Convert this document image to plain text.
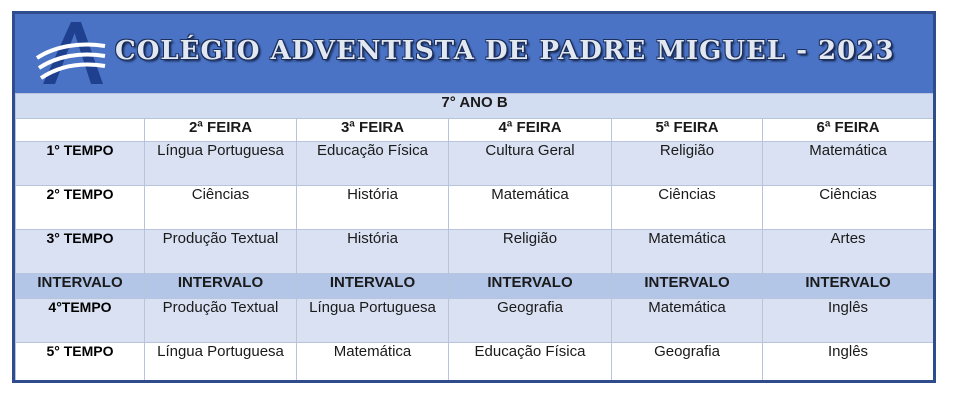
COLÉGIO ADVENTISTA DE PADRE MIGUEL - 2023
7° ANO B					
	2ª FEIRA	3ª FEIRA	4ª FEIRA	5ª FEIRA	6ª FEIRA
1° TEMPO	Língua Portuguesa	Educação Física	Cultura Geral	Religião	Matemática
2° TEMPO	Ciências	História	Matemática	Ciências	Ciências
3° TEMPO	Produção Textual	História	Religião	Matemática	Artes
INTERVALO	INTERVALO	INTERVALO	INTERVALO	INTERVALO	INTERVALO
4°TEMPO	Produção Textual	Língua Portuguesa	Geografia	Matemática	Inglês
5° TEMPO	Língua Portuguesa	Matemática	Educação Física	Geografia	Inglês
